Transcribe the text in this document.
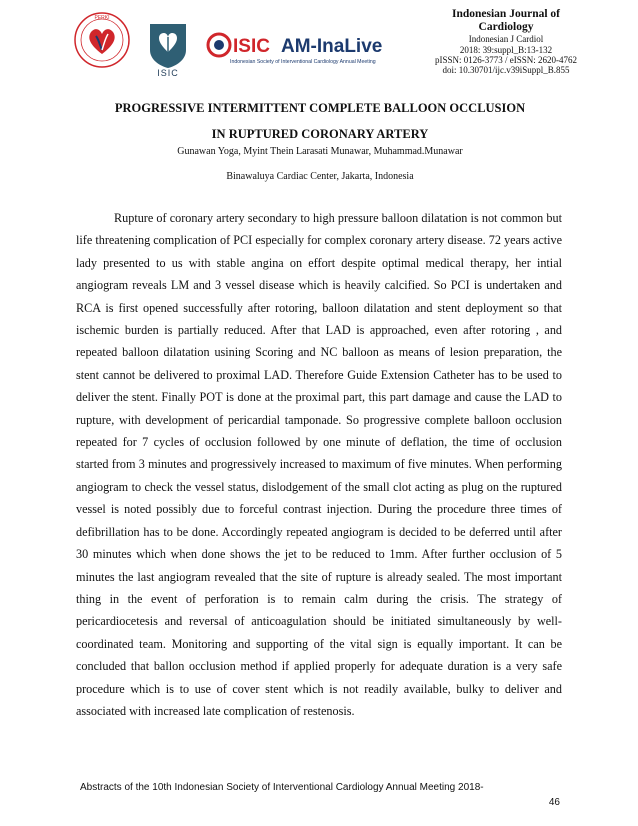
PERKI
ISIC
ISIC AM-InaLive
Indonesian Society of Interventional Cardiology Annual Meeting
Indonesian Journal of Cardiology
Indonesian J Cardiol
2018: 39:suppl_B:13-132
pISSN: 0126-3773 / eISSN: 2620-4762
doi: 10.30701/ijc.v39iSuppl_B.855
PROGRESSIVE INTERMITTENT COMPLETE BALLOON OCCLUSION
IN RUPTURED CORONARY ARTERY
Gunawan Yoga, Myint Thein Larasati Munawar, Muhammad.Munawar
Binawaluya Cardiac Center, Jakarta, Indonesia

Rupture of coronary artery secondary to high pressure balloon dilatation is not common but life threatening complication of PCI especially for complex coronary artery disease. 72 years active lady presented to us with stable angina on effort despite optimal medical therapy, her intial angiogram reveals LM and 3 vessel disease which is heavily calcified. So PCI is undertaken and RCA is first opened successfully after rotoring, balloon dilatation and stent deployment so that ischemic burden is partially reduced. After that LAD is approached, even after rotoring , and repeated balloon dilatation usining Scoring and NC balloon as means of lesion preparation, the stent cannot be delivered to proximal LAD. Therefore Guide Extension Catheter has to be used to deliver the stent. Finally POT is done at the proximal part, this part damage and cause the LAD to rupture, with development of pericardial tamponade. So progressive complete balloon occlusion repeated for 7 cycles of occlusion followed by one minute of deflation, the time of occlusion started from 3 minutes and progressively increased to maximum of five minutes. When performing angiogram to check the vessel status, dislodgement of the small clot acting as plug on the ruptured vessel is noted possibly due to forceful contrast injection. During the procedure three times of defibrillation has to be done. Accordingly repeated angiogram is decided to be deferred until after 30 minutes which when done shows the jet to be reduced to 1mm. After further occlusion of 5 minutes the last angiogram revealed that the site of rupture is already sealed. The most important thing in the event of perforation is to remain calm during the crisis. The strategy of pericardiocetesis and reversal of anticoagulation should be initiated simultaneously by well-coordinated team. Monitoring and supporting of the vital sign is equally important. It can be concluded that ballon occlusion method if applied properly for adequate duration is a very safe procedure which is to use of cover stent which is not readily available, bulky to deliver and associated with increased late complication of restenosis.

Abstracts of the 10th Indonesian Society of Interventional Cardiology Annual Meeting 2018-
46
